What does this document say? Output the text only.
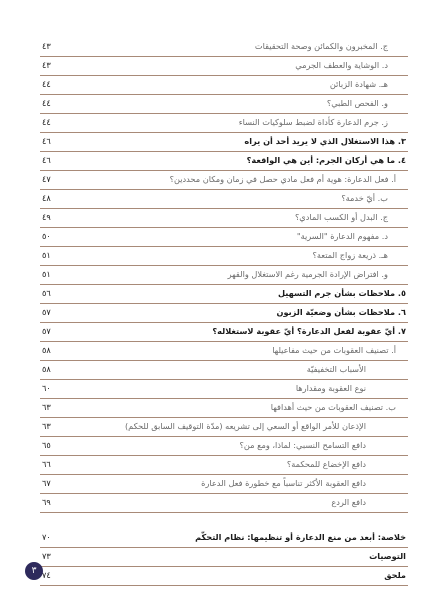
ج. المخبرون والكمائن وصحة التحقيقات
٤٣
د. الوشاية والعطف الجرمي
٤٣
هـ. شهادة الزبائن
٤٤
و. الفحص الطبي؟
٤٤
ز. جرم الدعارة كأداة لضبط سلوكيات النساء
٤٤
٣. هذا الاستغلال الذي لا يريد أحد أن يراه
٤٦
٤. ما هي أركان الجرم: أين هي الواقعة؟
٤٦
أ. فعل الدعارة: هوية أم فعل مادي حصل في زمان ومكان محددين؟
٤٧
ب. أيّ خدمة؟
٤٨
ج. البدل أو الكسب المادي؟
٤٩
د. مفهوم الدعارة "السرية"
٥٠
هـ. ذريعة زواج المتعة؟
٥١
و. افتراض الإرادة الجرمية رغم الاستغلال والقهر
٥١
٥. ملاحظات بشأن جرم التسهيل
٥٦
٦. ملاحظات بشأن وضعيّة الزبون
٥٧
٧. أيّ عقوبة لفعل الدعارة؟ أيّ عقوبة لاستغلاله؟
٥٧
أ. تصنيف العقوبات من حيث مفاعيلها
٥٨
الأسباب التخفيفيّة
٥٨
نوع العقوبة ومقدارها
٦٠
ب. تصنيف العقوبات من حيث أهدافها
٦٣
الإذعان للأمر الواقع أو السعي إلى تشريعه (مدّة التوقيف السابق للحكم)
٦٣
دافع التسامح النسبي: لماذا، ومع من؟
٦٥
دافع الإخضاع للمحكمة؟
٦٦
دافع العقوبة الأكثر تناسباً مع خطورة فعل الدعارة
٦٧
دافع الردع
٦٩
خلاصة: أبعد من منع الدعارة أو تنظيمها: نظام التحكّم
٧٠
التوصيات
٧٣
ملحق
٧٤
٣
